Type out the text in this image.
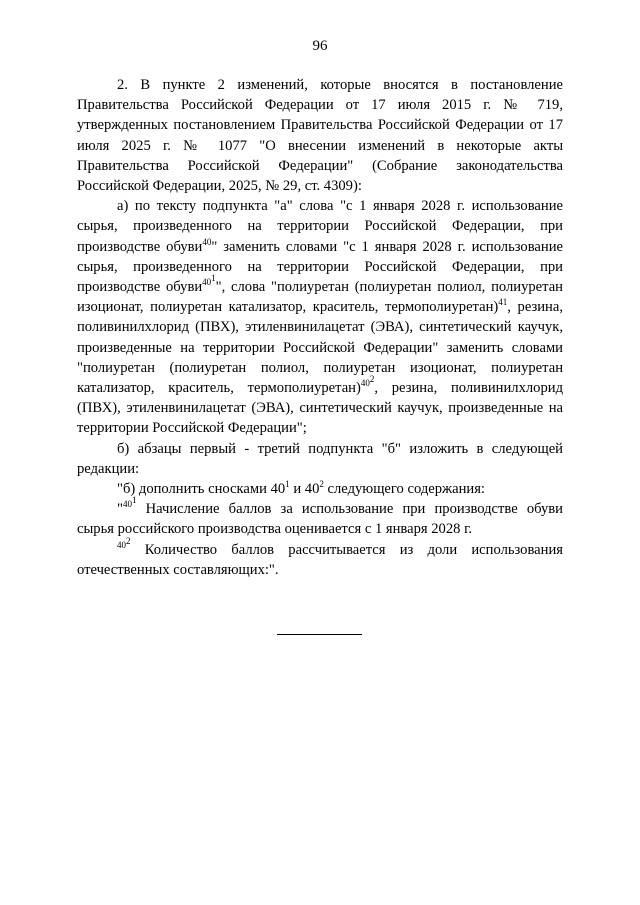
96

2. В пункте 2 изменений, которые вносятся в постановление Правительства Российской Федерации от 17 июля 2015 г. № 719, утвержденных постановлением Правительства Российской Федерации от 17 июля 2025 г. № 1077 "О внесении изменений в некоторые акты Правительства Российской Федерации" (Собрание законодательства Российской Федерации, 2025, № 29, ст. 4309):

а) по тексту подпункта "а" слова "с 1 января 2028 г. использование сырья, произведенного на территории Российской Федерации, при производстве обуви$^{40}$" заменить словами "с 1 января 2028 г. использование сырья, произведенного на территории Российской Федерации, при производстве обуви$^{40^1}$", слова "полиуретан (полиуретан полиол, полиуретан изоционат, полиуретан катализатор, краситель, термополиуретан)$^{41}$, резина, поливинилхлорид (ПВХ), этиленвинилацетат (ЭВА), синтетический каучук, произведенные на территории Российской Федерации" заменить словами "полиуретан (полиуретан полиол, полиуретан изоционат, полиуретан катализатор, краситель, термополиуретан)$^{40^2}$, резина, поливинилхлорид (ПВХ), этиленвинилацетат (ЭВА), синтетический каучук, произведенные на территории Российской Федерации";

б) абзацы первый - третий подпункта "б" изложить в следующей редакции:

"б) дополнить сносками $40^1$ и $40^2$ следующего содержания:

"$^{40^1}$ Начисление баллов за использование при производстве обуви сырья российского производства оценивается с 1 января 2028 г.

$^{40^2}$ Количество баллов рассчитывается из доли использования отечественных составляющих:".
